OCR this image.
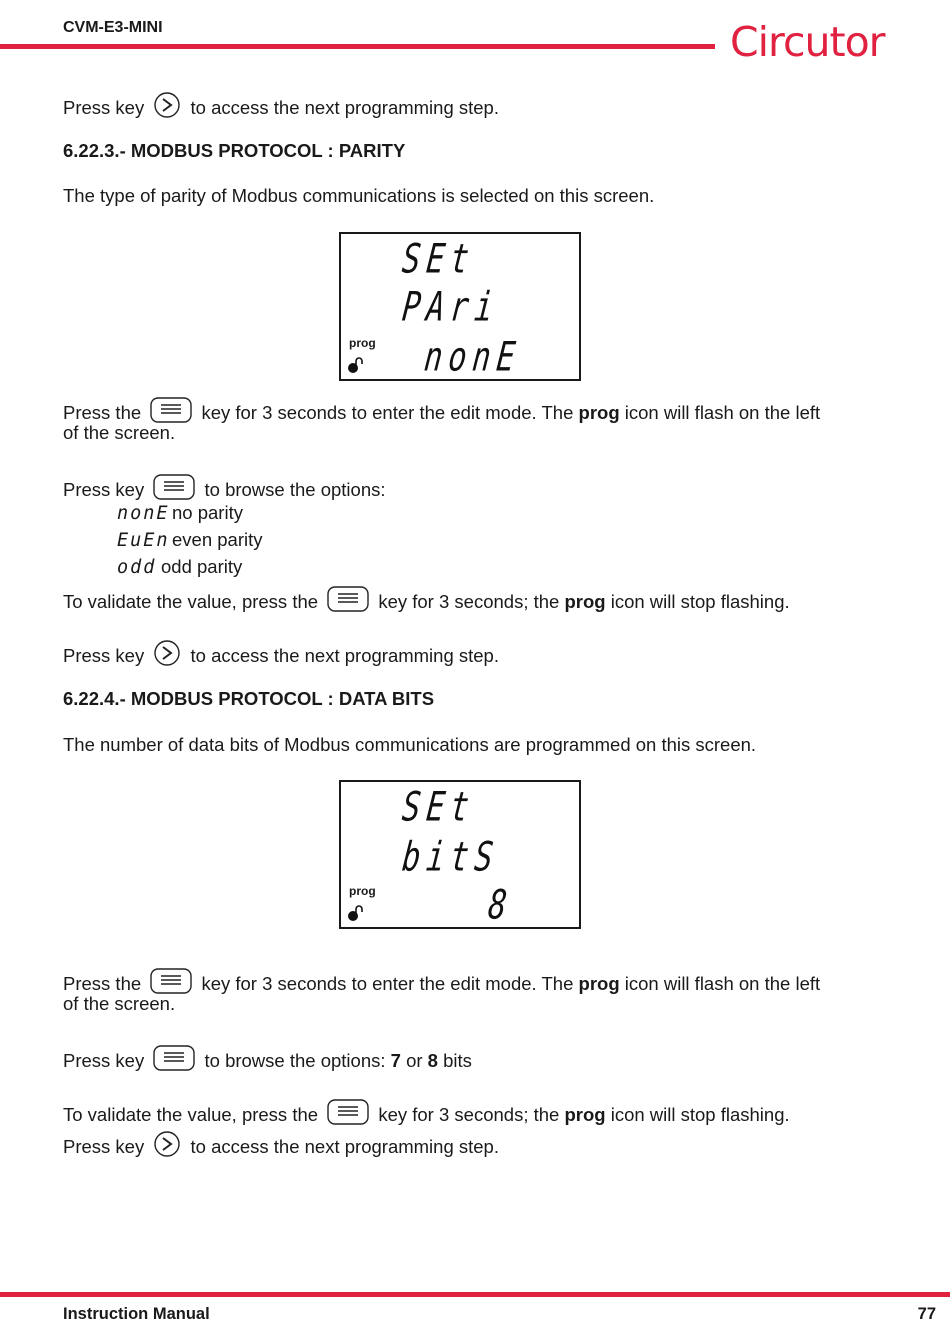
CVM-E3-MINI	Circutor
Press key	to access the next programming step.
6.22.3.- MODBUS PROTOCOL : PARITY
The type of parity of Modbus communications is selected on this screen.
SEt
PAri
nonE
prog
Press the	key for 3 seconds to enter the edit mode. The prog icon will flash on the left
of the screen.
Press key	to browse the options:
nonE no parity
EuEn even parity
odd odd parity
To validate the value, press the	key for 3 seconds; the prog icon will stop flashing.
Press key	to access the next programming step.
6.22.4.- MODBUS PROTOCOL : DATA BITS
The number of data bits of Modbus communications are programmed on this screen.
SEt
bitS
8
prog
Press the	key for 3 seconds to enter the edit mode. The prog icon will flash on the left
of the screen.
Press key	to browse the options: 7 or 8 bits
To validate the value, press the	key for 3 seconds; the prog icon will stop flashing.
Press key	to access the next programming step.
Instruction Manual	77
